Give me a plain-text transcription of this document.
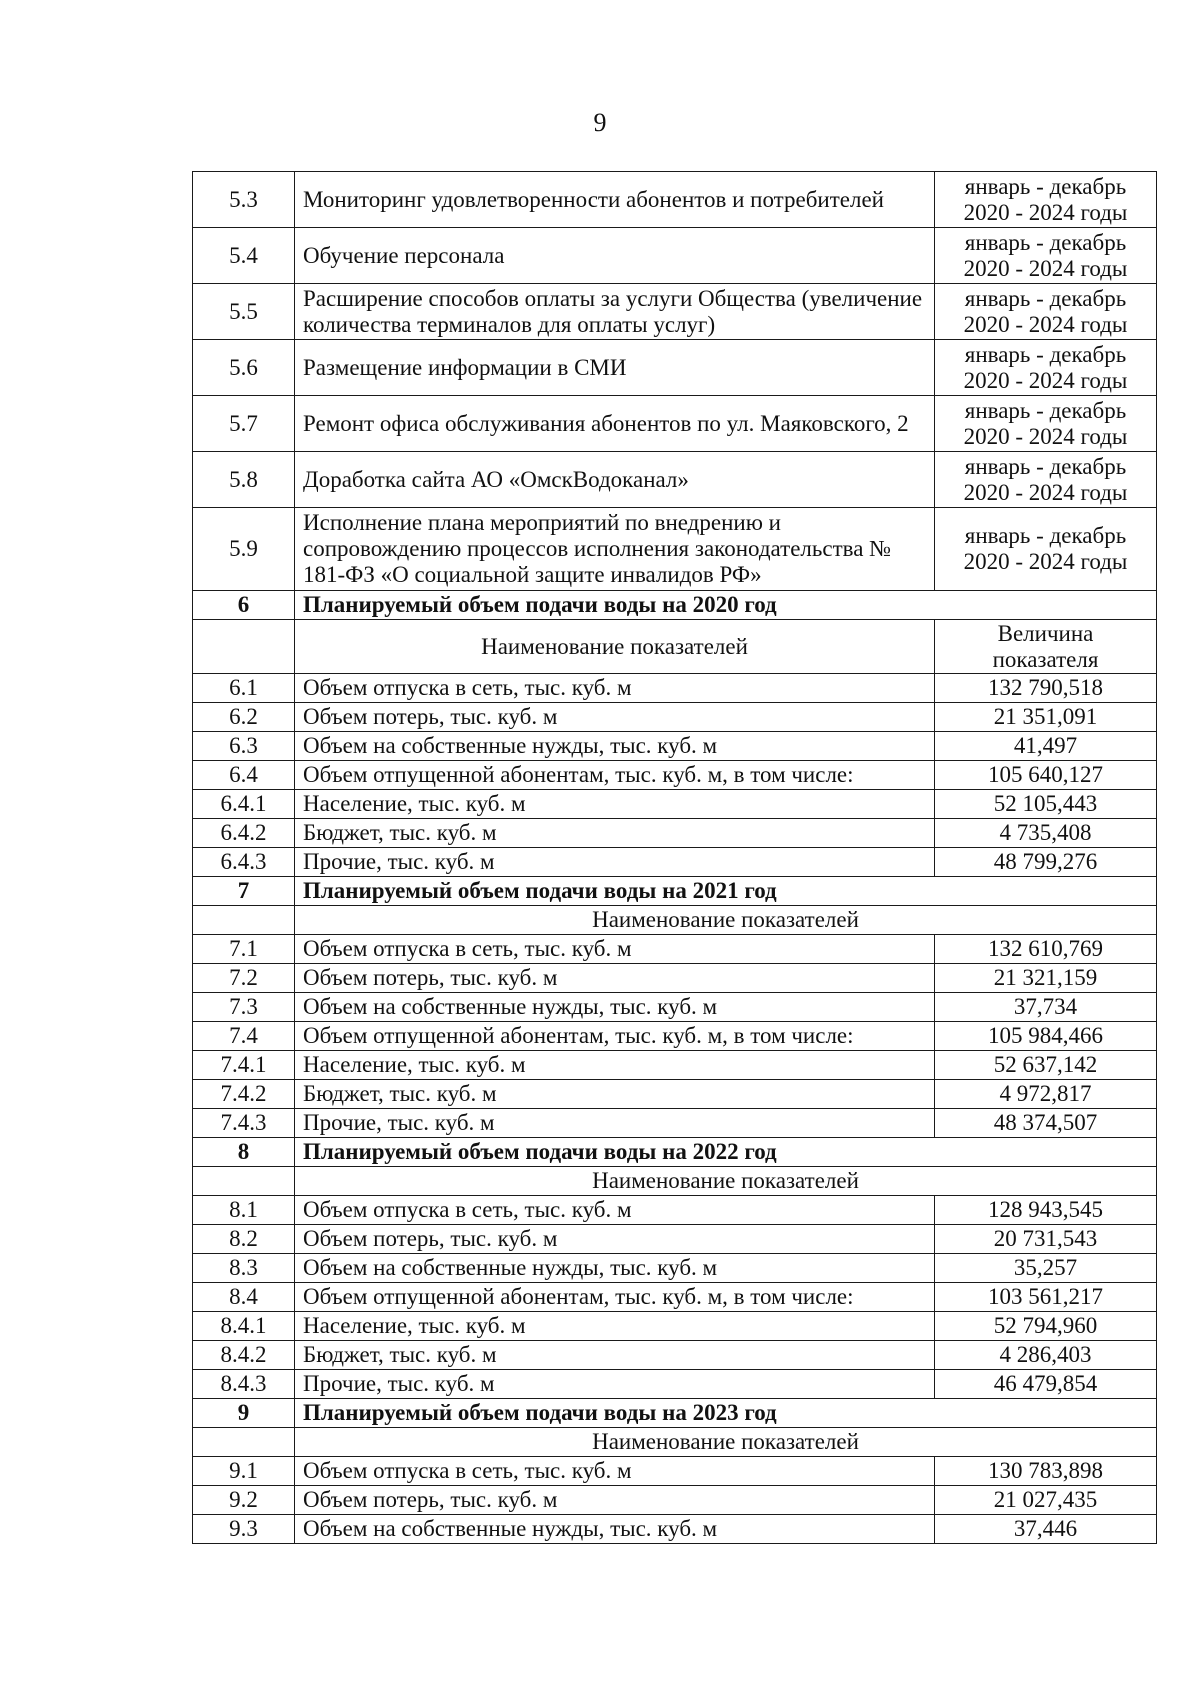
9
5.3	Мониторинг удовлетворенности абонентов и потребителей	январь - декабрь
2020 - 2024 годы

5.4	Обучение персонала	январь - декабрь
2020 - 2024 годы

5.5	Расширение способов оплаты за услуги Общества (увеличение количества терминалов для оплаты услуг)	январь - декабрь
2020 - 2024 годы

5.6	Размещение информации в СМИ	январь - декабрь
2020 - 2024 годы

5.7	Ремонт офиса обслуживания абонентов по ул. Маяковского, 2	январь - декабрь
2020 - 2024 годы

5.8	Доработка сайта АО «ОмскВодоканал»	январь - декабрь
2020 - 2024 годы

5.9	Исполнение плана мероприятий по внедрению и сопровождению процессов исполнения законодательства № 181-ФЗ «О социальной защите инвалидов РФ»	январь - декабрь
2020 - 2024 годы

6	Планируемый объем подачи воды на 2020 год	
	Наименование показателей	Величина показателя
6.1	Объем отпуска в сеть, тыс. куб. м	132 790,518
6.2	Объем потерь, тыс. куб. м	21 351,091
6.3	Объем на собственные нужды, тыс. куб. м	41,497
6.4	Объем отпущенной абонентам, тыс. куб. м, в том числе:	105 640,127
6.4.1	Население, тыс. куб. м	52 105,443
6.4.2	Бюджет, тыс. куб. м	4 735,408
6.4.3	Прочие, тыс. куб. м	48 799,276
7	Планируемый объем подачи воды на 2021 год	
	Наименование показателей	
7.1	Объем отпуска в сеть, тыс. куб. м	132 610,769
7.2	Объем потерь, тыс. куб. м	21 321,159
7.3	Объем на собственные нужды, тыс. куб. м	37,734
7.4	Объем отпущенной абонентам, тыс. куб. м, в том числе:	105 984,466
7.4.1	Население, тыс. куб. м	52 637,142
7.4.2	Бюджет, тыс. куб. м	4 972,817
7.4.3	Прочие, тыс. куб. м	48 374,507
8	Планируемый объем подачи воды на 2022 год	
	Наименование показателей	
8.1	Объем отпуска в сеть, тыс. куб. м	128 943,545
8.2	Объем потерь, тыс. куб. м	20 731,543
8.3	Объем на собственные нужды, тыс. куб. м	35,257
8.4	Объем отпущенной абонентам, тыс. куб. м, в том числе:	103 561,217
8.4.1	Население, тыс. куб. м	52 794,960
8.4.2	Бюджет, тыс. куб. м	4 286,403
8.4.3	Прочие, тыс. куб. м	46 479,854
9	Планируемый объем подачи воды на 2023 год	
	Наименование показателей	
9.1	Объем отпуска в сеть, тыс. куб. м	130 783,898
9.2	Объем потерь, тыс. куб. м	21 027,435
9.3	Объем на собственные нужды, тыс. куб. м	37,446
